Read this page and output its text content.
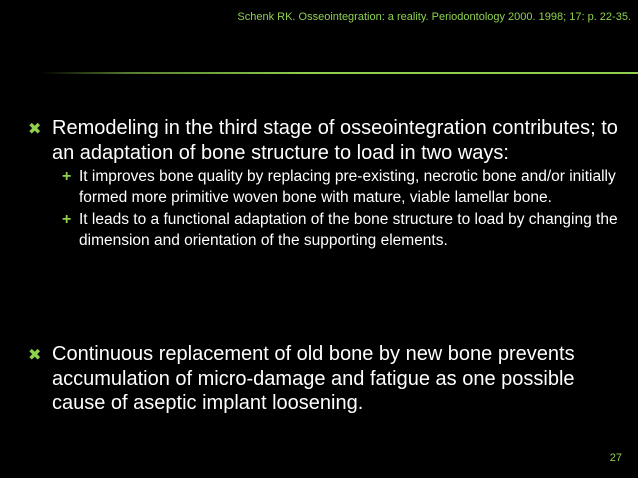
Schenk RK. Osseointegration: a reality. Periodontology 2000. 1998; 17: p. 22-35.
✖ Remodeling in the third stage of osseointegration contributes; to an adaptation of bone structure to load in two ways:
+ It improves bone quality by replacing pre-existing, necrotic bone and/or initially formed more primitive woven bone with mature, viable lamellar bone.
+ It leads to a functional adaptation of the bone structure to load by changing the dimension and orientation of the supporting elements.
✖ Continuous replacement of old bone by new bone prevents accumulation of micro-damage and fatigue as one possible cause of aseptic implant loosening.
27
